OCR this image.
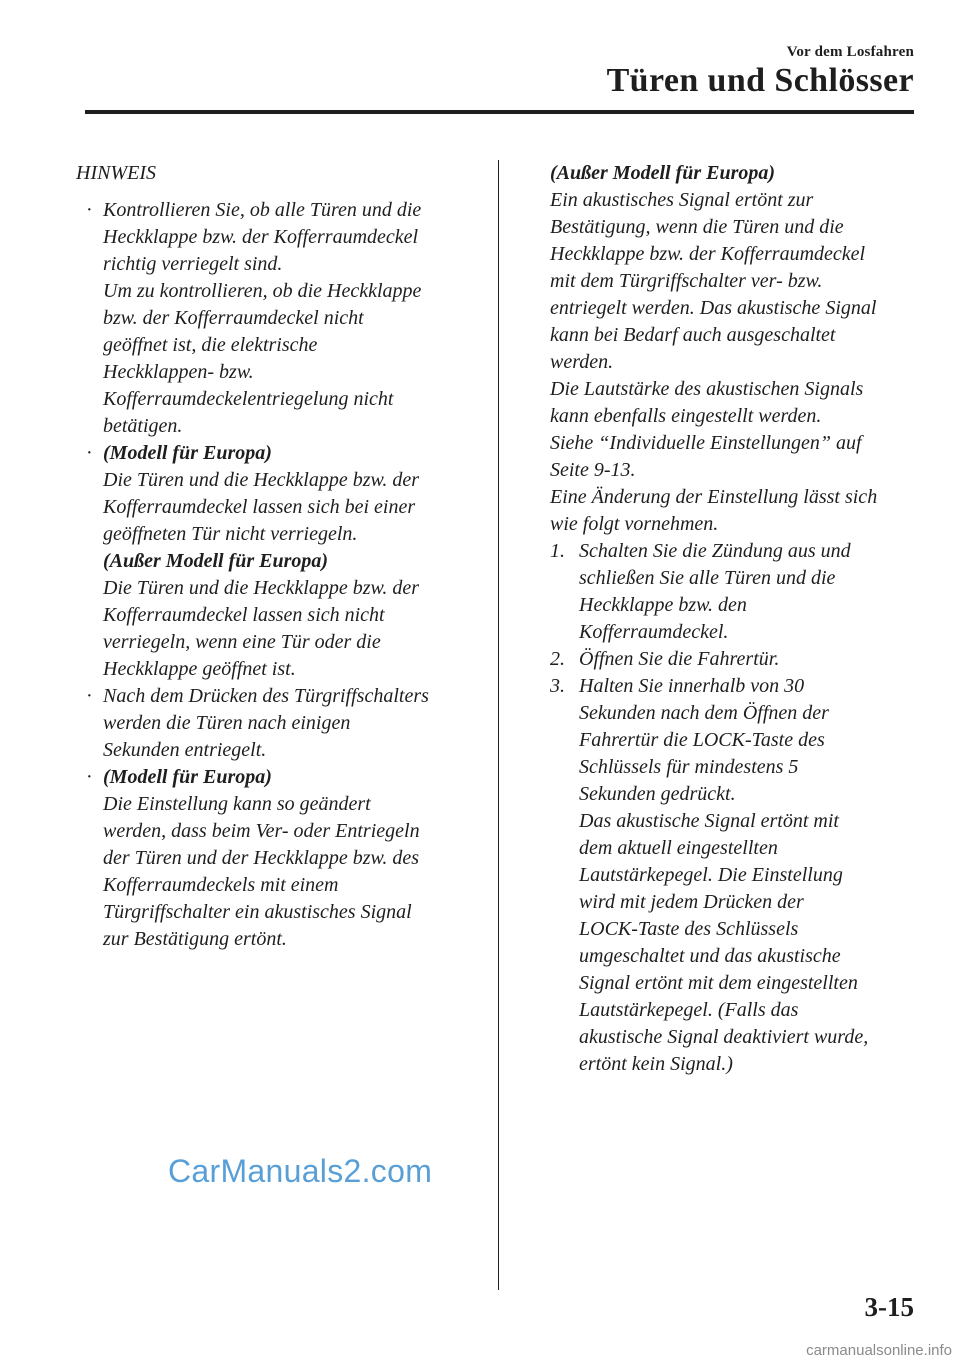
Vor dem Losfahren
Türen und Schlösser

HINWEIS

· Kontrollieren Sie, ob alle Türen und die

Heckklappe bzw. der Kofferraumdeckel

richtig verriegelt sind.

Um zu kontrollieren, ob die Heckklappe

bzw. der Kofferraumdeckel nicht

geöffnet ist, die elektrische

Heckklappen- bzw.

Kofferraumdeckelentriegelung nicht

betätigen.

· (Modell für Europa)

Die Türen und die Heckklappe bzw. der

Kofferraumdeckel lassen sich bei einer

geöffneten Tür nicht verriegeln.

(Außer Modell für Europa)

Die Türen und die Heckklappe bzw. der

Kofferraumdeckel lassen sich nicht

verriegeln, wenn eine Tür oder die

Heckklappe geöffnet ist.

· Nach dem Drücken des Türgriffschalters

werden die Türen nach einigen

Sekunden entriegelt.

· (Modell für Europa)

Die Einstellung kann so geändert

werden, dass beim Ver- oder Entriegeln

der Türen und der Heckklappe bzw. des

Kofferraumdeckels mit einem

Türgriffschalter ein akustisches Signal

zur Bestätigung ertönt.

(Außer Modell für Europa)

Ein akustisches Signal ertönt zur

Bestätigung, wenn die Türen und die

Heckklappe bzw. der Kofferraumdeckel

mit dem Türgriffschalter ver- bzw.

entriegelt werden. Das akustische Signal

kann bei Bedarf auch ausgeschaltet

werden.

Die Lautstärke des akustischen Signals

kann ebenfalls eingestellt werden.

Siehe “Individuelle Einstellungen” auf

Seite 9-13.

Eine Änderung der Einstellung lässt sich

wie folgt vornehmen.

1. Schalten Sie die Zündung aus und

schließen Sie alle Türen und die

Heckklappe bzw. den

Kofferraumdeckel.

2. Öffnen Sie die Fahrertür.

3. Halten Sie innerhalb von 30

Sekunden nach dem Öffnen der

Fahrertür die LOCK-Taste des

Schlüssels für mindestens 5

Sekunden gedrückt.

Das akustische Signal ertönt mit

dem aktuell eingestellten

Lautstärkepegel. Die Einstellung

wird mit jedem Drücken der

LOCK-Taste des Schlüssels

umgeschaltet und das akustische

Signal ertönt mit dem eingestellten

Lautstärkepegel. (Falls das

akustische Signal deaktiviert wurde,

ertönt kein Signal.)

CarManuals2.com
3-15
carmanualsonline.info
